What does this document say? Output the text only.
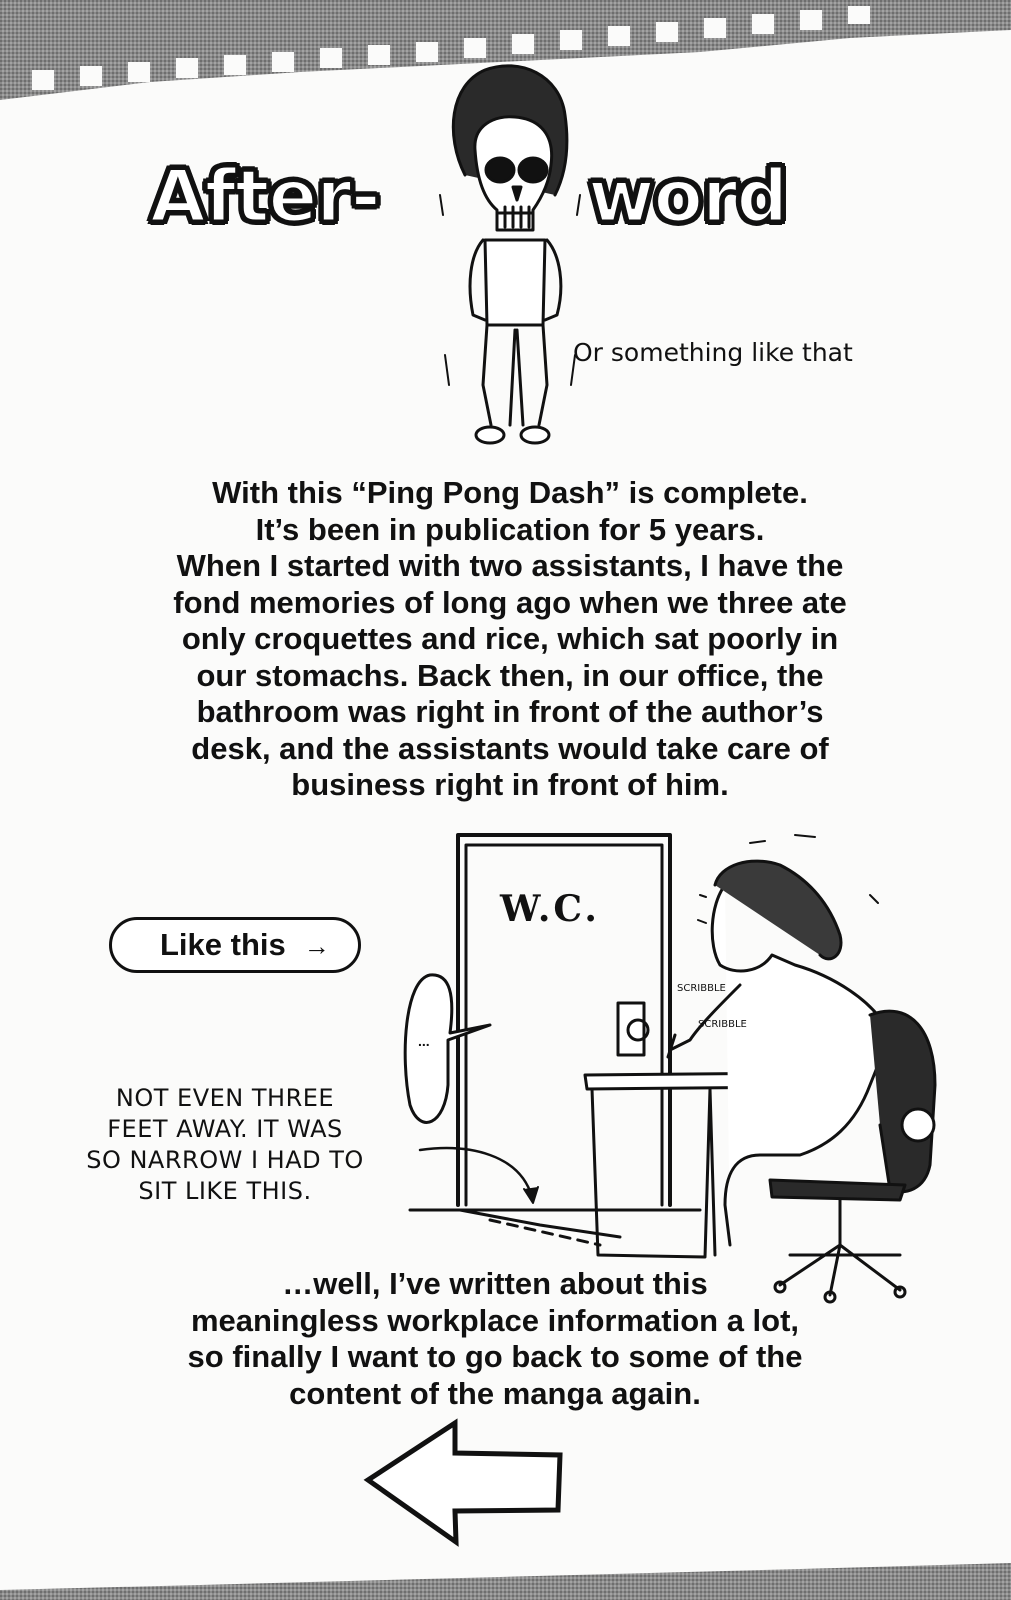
After-	word
Or something like that
With this “Ping Pong Dash” is complete.
It’s been in publication for 5 years.
When I started with two assistants, I have the
fond memories of long ago when we three ate
only croquettes and rice, which sat poorly in
our stomachs. Back then, in our office, the
bathroom was right in front of the author’s
desk, and the assistants would take care of
business right in front of him.
Like this →
W.C.
...
SCRIBBLE
SCRIBBLE
NOT EVEN THREE
FEET AWAY. IT WAS
SO NARROW I HAD TO
SIT LIKE THIS.
…well, I’ve written about this
meaningless workplace information a lot,
so finally I want to go back to some of the
content of the manga again.
